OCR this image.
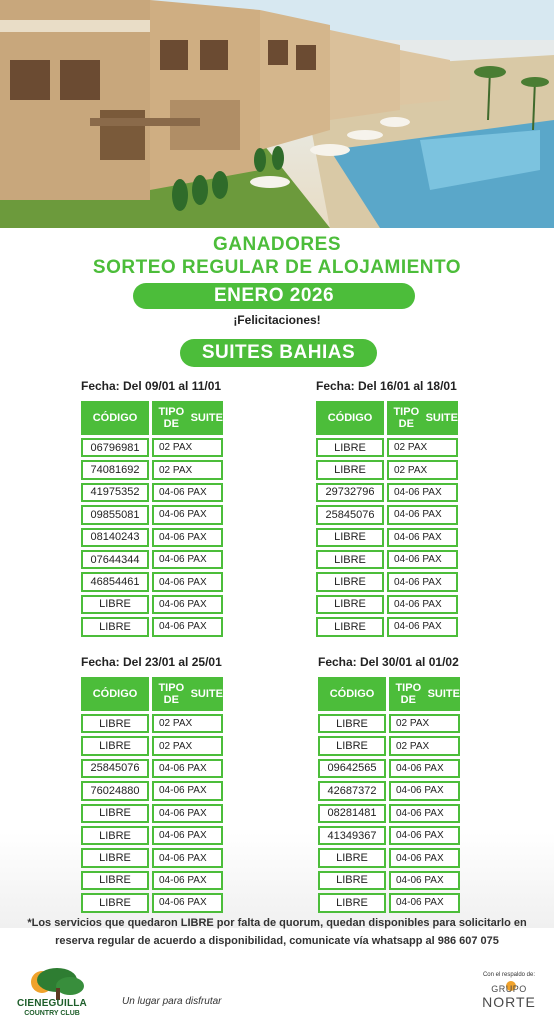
GANADORES
SORTEO REGULAR DE ALOJAMIENTO
ENERO 2026
¡Felicitaciones!
SUITES BAHIAS
Fecha: Del 09/01 al 11/01
CÓDIGO	TIPO DE	SUITE
06796981	02 PAX
74081692	02 PAX
41975352	04-06 PAX
09855081	04-06 PAX
08140243	04-06 PAX
07644344	04-06 PAX
46854461	04-06 PAX
LIBRE	04-06 PAX
LIBRE	04-06 PAX
Fecha: Del 16/01 al 18/01
CÓDIGO	TIPO DE	SUITE
LIBRE	02 PAX
LIBRE	02 PAX
29732796	04-06 PAX
25845076	04-06 PAX
LIBRE	04-06 PAX
LIBRE	04-06 PAX
LIBRE	04-06 PAX
LIBRE	04-06 PAX
LIBRE	04-06 PAX
Fecha: Del 23/01 al 25/01
CÓDIGO	TIPO DE	SUITE
LIBRE	02 PAX
LIBRE	02 PAX
25845076	04-06 PAX
76024880	04-06 PAX
LIBRE	04-06 PAX
LIBRE	04-06 PAX
LIBRE	04-06 PAX
LIBRE	04-06 PAX
LIBRE	04-06 PAX
Fecha: Del 30/01 al 01/02
CÓDIGO	TIPO DE	SUITE
LIBRE	02 PAX
LIBRE	02 PAX
09642565	04-06 PAX
42687372	04-06 PAX
08281481	04-06 PAX
41349367	04-06 PAX
LIBRE	04-06 PAX
LIBRE	04-06 PAX
LIBRE	04-06 PAX
*Los servicios que quedaron LIBRE por falta de quorum, quedan disponibles para solicitarlo en reserva regular de acuerdo a disponibilidad, comunicate vía whatsapp al 986 607 075
CIENEGUILLA
COUNTRY CLUB
Un lugar para disfrutar
Con el respaldo de:
GRUPO
NORTE
